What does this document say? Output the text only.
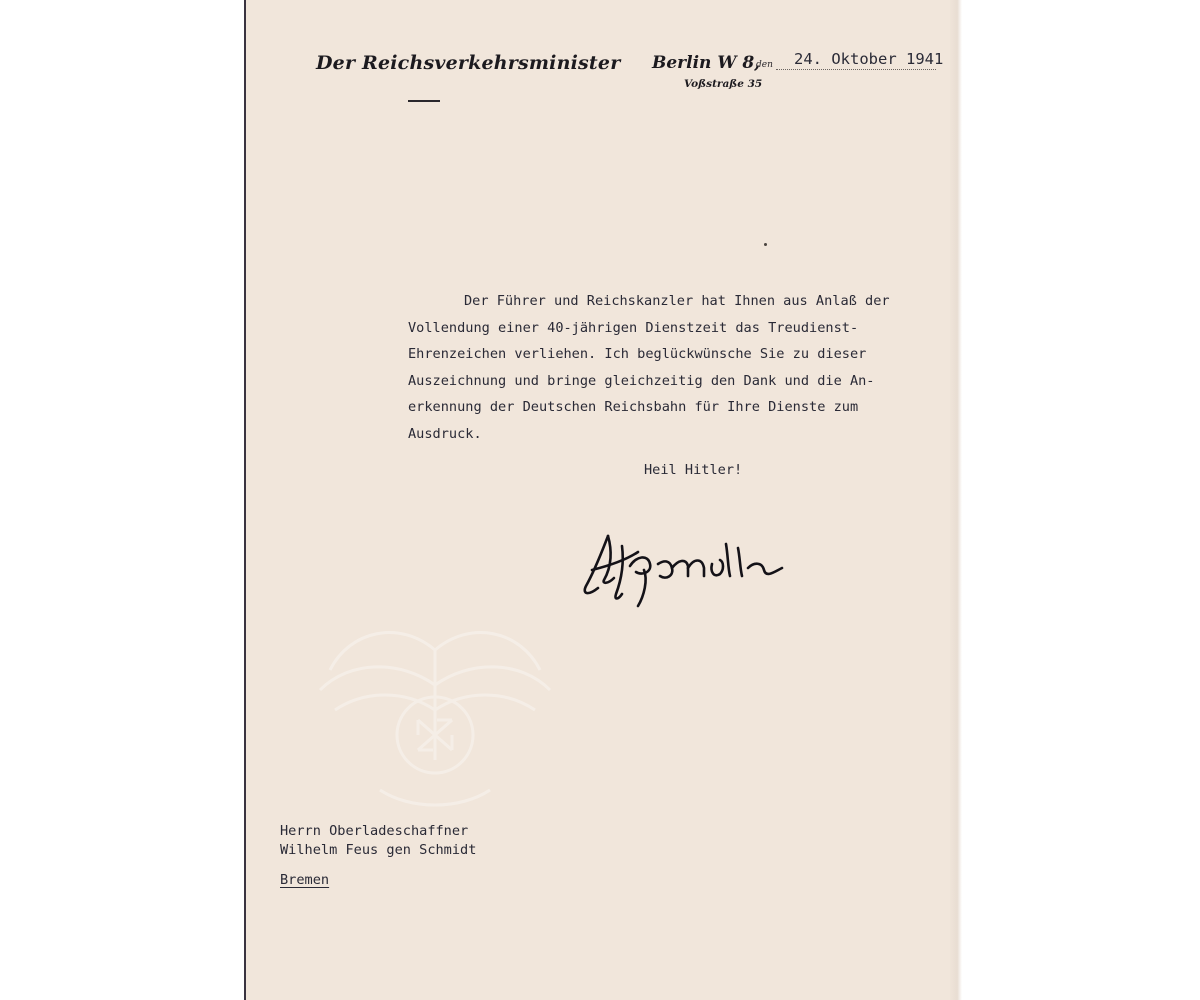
Der Reichsverkehrsminister Berlin W 8,
den 24. Oktober 1941
Voßstraße 35
Der Führer und Reichskanzler hat Ihnen aus Anlaß der
Vollendung einer 40-jährigen Dienstzeit das Treudienst-
Ehrenzeichen verliehen. Ich beglückwünsche Sie zu dieser
Auszeichnung und bringe gleichzeitig den Dank und die An-
erkennung der Deutschen Reichsbahn für Ihre Dienste zum
Ausdruck.
Heil Hitler!
Herrn Oberladeschaffner
Wilhelm Feus gen Schmidt
Bremen
